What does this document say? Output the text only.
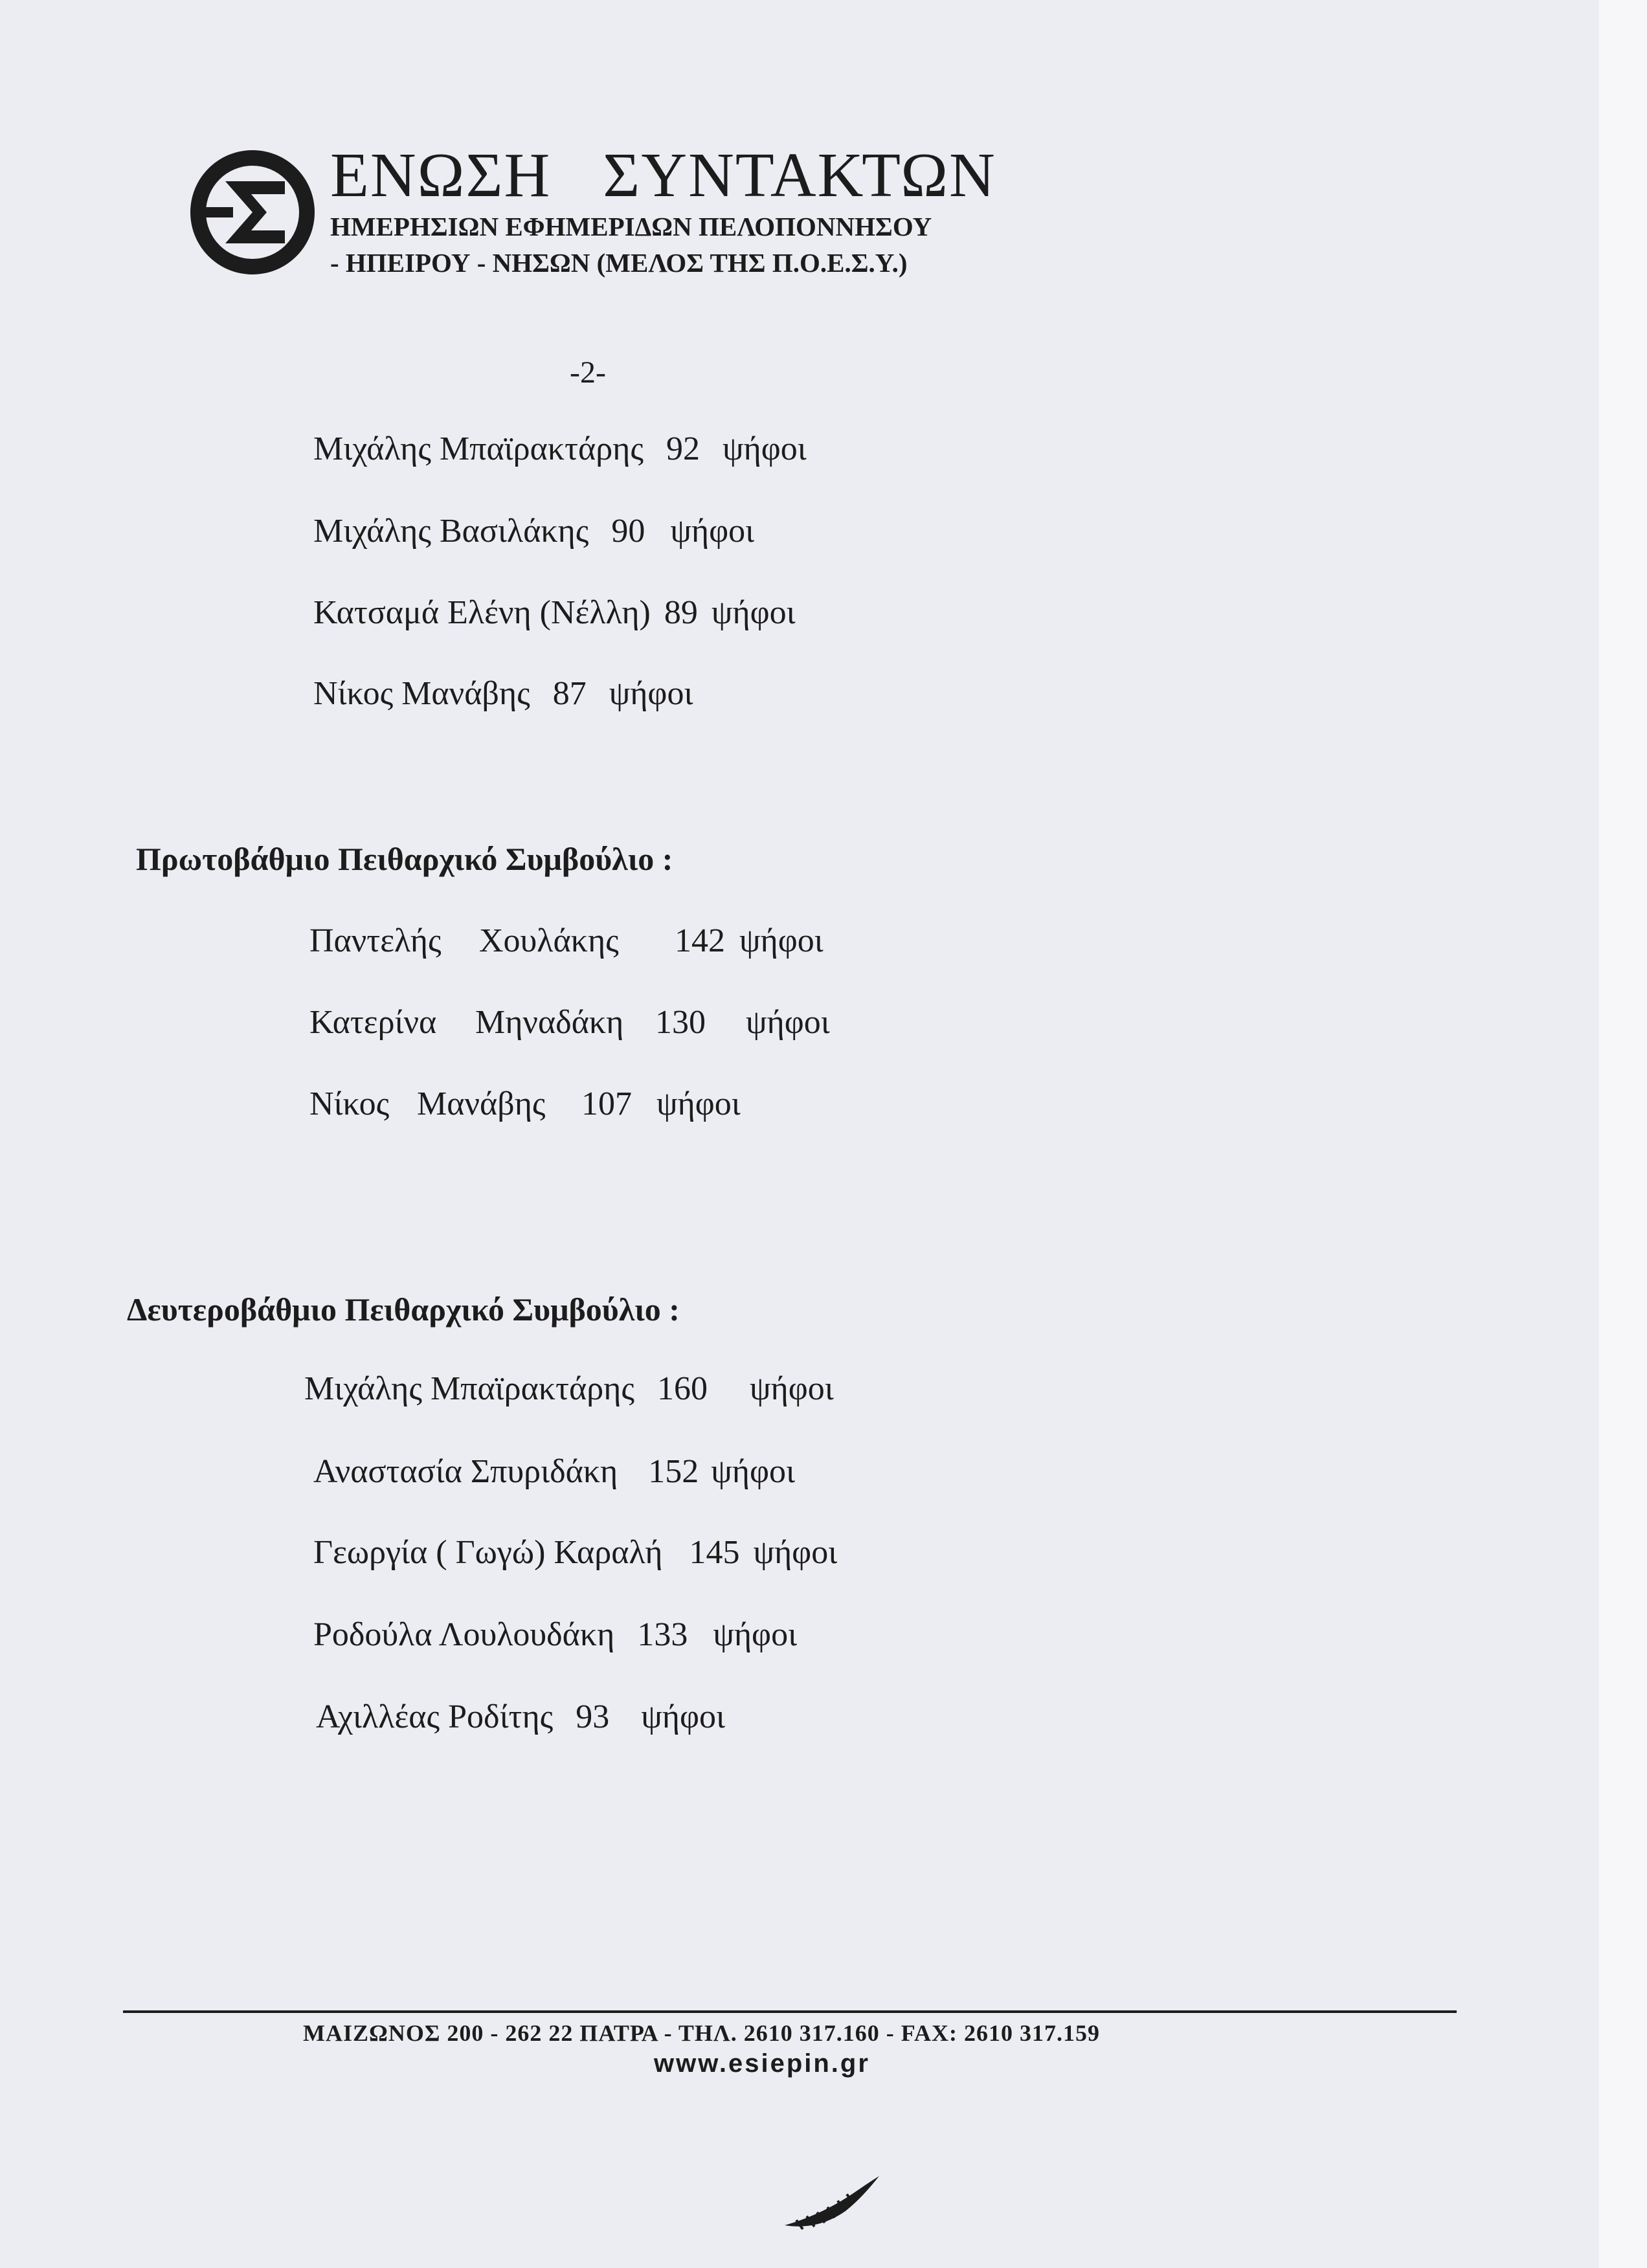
ΕΝΩΣΗ ΣΥΝΤΑΚΤΩΝ
ΗΜΕΡΗΣΙΩΝ ΕΦΗΜΕΡΙΔΩΝ ΠΕΛΟΠΟΝΝΗΣΟΥ
- ΗΠΕΙΡΟΥ - ΝΗΣΩΝ (ΜΕΛΟΣ ΤΗΣ Π.Ο.Ε.Σ.Υ.)
-2-
Μιχάλης Μπαϊρακτάρης 92 ψήφοι
Μιχάλης Βασιλάκης 90 ψήφοι
Κατσαμά Ελένη (Νέλλη) 89 ψήφοι
Νίκος Μανάβης 87 ψήφοι
Πρωτοβάθμιο Πειθαρχικό Συμβούλιο :
Παντελής Χουλάκης 142 ψήφοι
Κατερίνα Μηναδάκη 130 ψήφοι
Νίκος Μανάβης 107 ψήφοι
Δευτεροβάθμιο Πειθαρχικό Συμβούλιο :
Μιχάλης Μπαϊρακτάρης 160 ψήφοι
Αναστασία Σπυριδάκη 152 ψήφοι
Γεωργία ( Γωγώ) Καραλή 145 ψήφοι
Ροδούλα Λουλουδάκη 133 ψήφοι
Αχιλλέας Ροδίτης 93 ψήφοι
ΜΑΙΖΩΝΟΣ 200 - 262 22 ΠΑΤΡΑ - ΤΗΛ. 2610 317.160 - FAX: 2610 317.159
www.esiepin.gr
